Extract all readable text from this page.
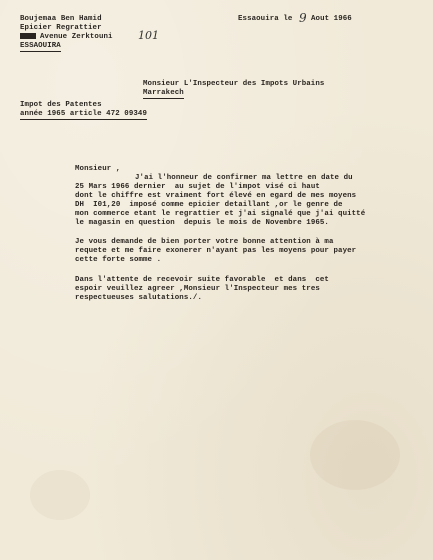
Boujemaa Ben Hamid
Epicier Regrattier
Avenue Zerktouni 101
ESSAOUIRA
Essaouira le 9 Aout 1966
Monsieur L'Inspecteur des Impots Urbains
Marrakech
Impot des Patentes
année 1965 article 472 09349
Monsieur ,
J'ai l'honneur de confirmer ma lettre en date du
25 Mars 1966 dernier  au sujet de l'impot visé ci haut
dont le chiffre est vraiment fort élevé en egard de mes moyens
DH  I01,20  imposé comme epicier detaillant ,or le genre de
mon commerce etant le regrattier et j'ai signalé que j'ai quitté
le magasin en question  depuis le mois de Novembre 1965.
Je vous demande de bien porter votre bonne attention à ma
requete et me faire exonerer n'ayant pas les moyens pour payer
cette forte somme .
Dans l'attente de recevoir suite favorable  et dans  cet
espoir veuillez agreer ,Monsieur l'Inspecteur mes tres
respectueuses salutations./.
